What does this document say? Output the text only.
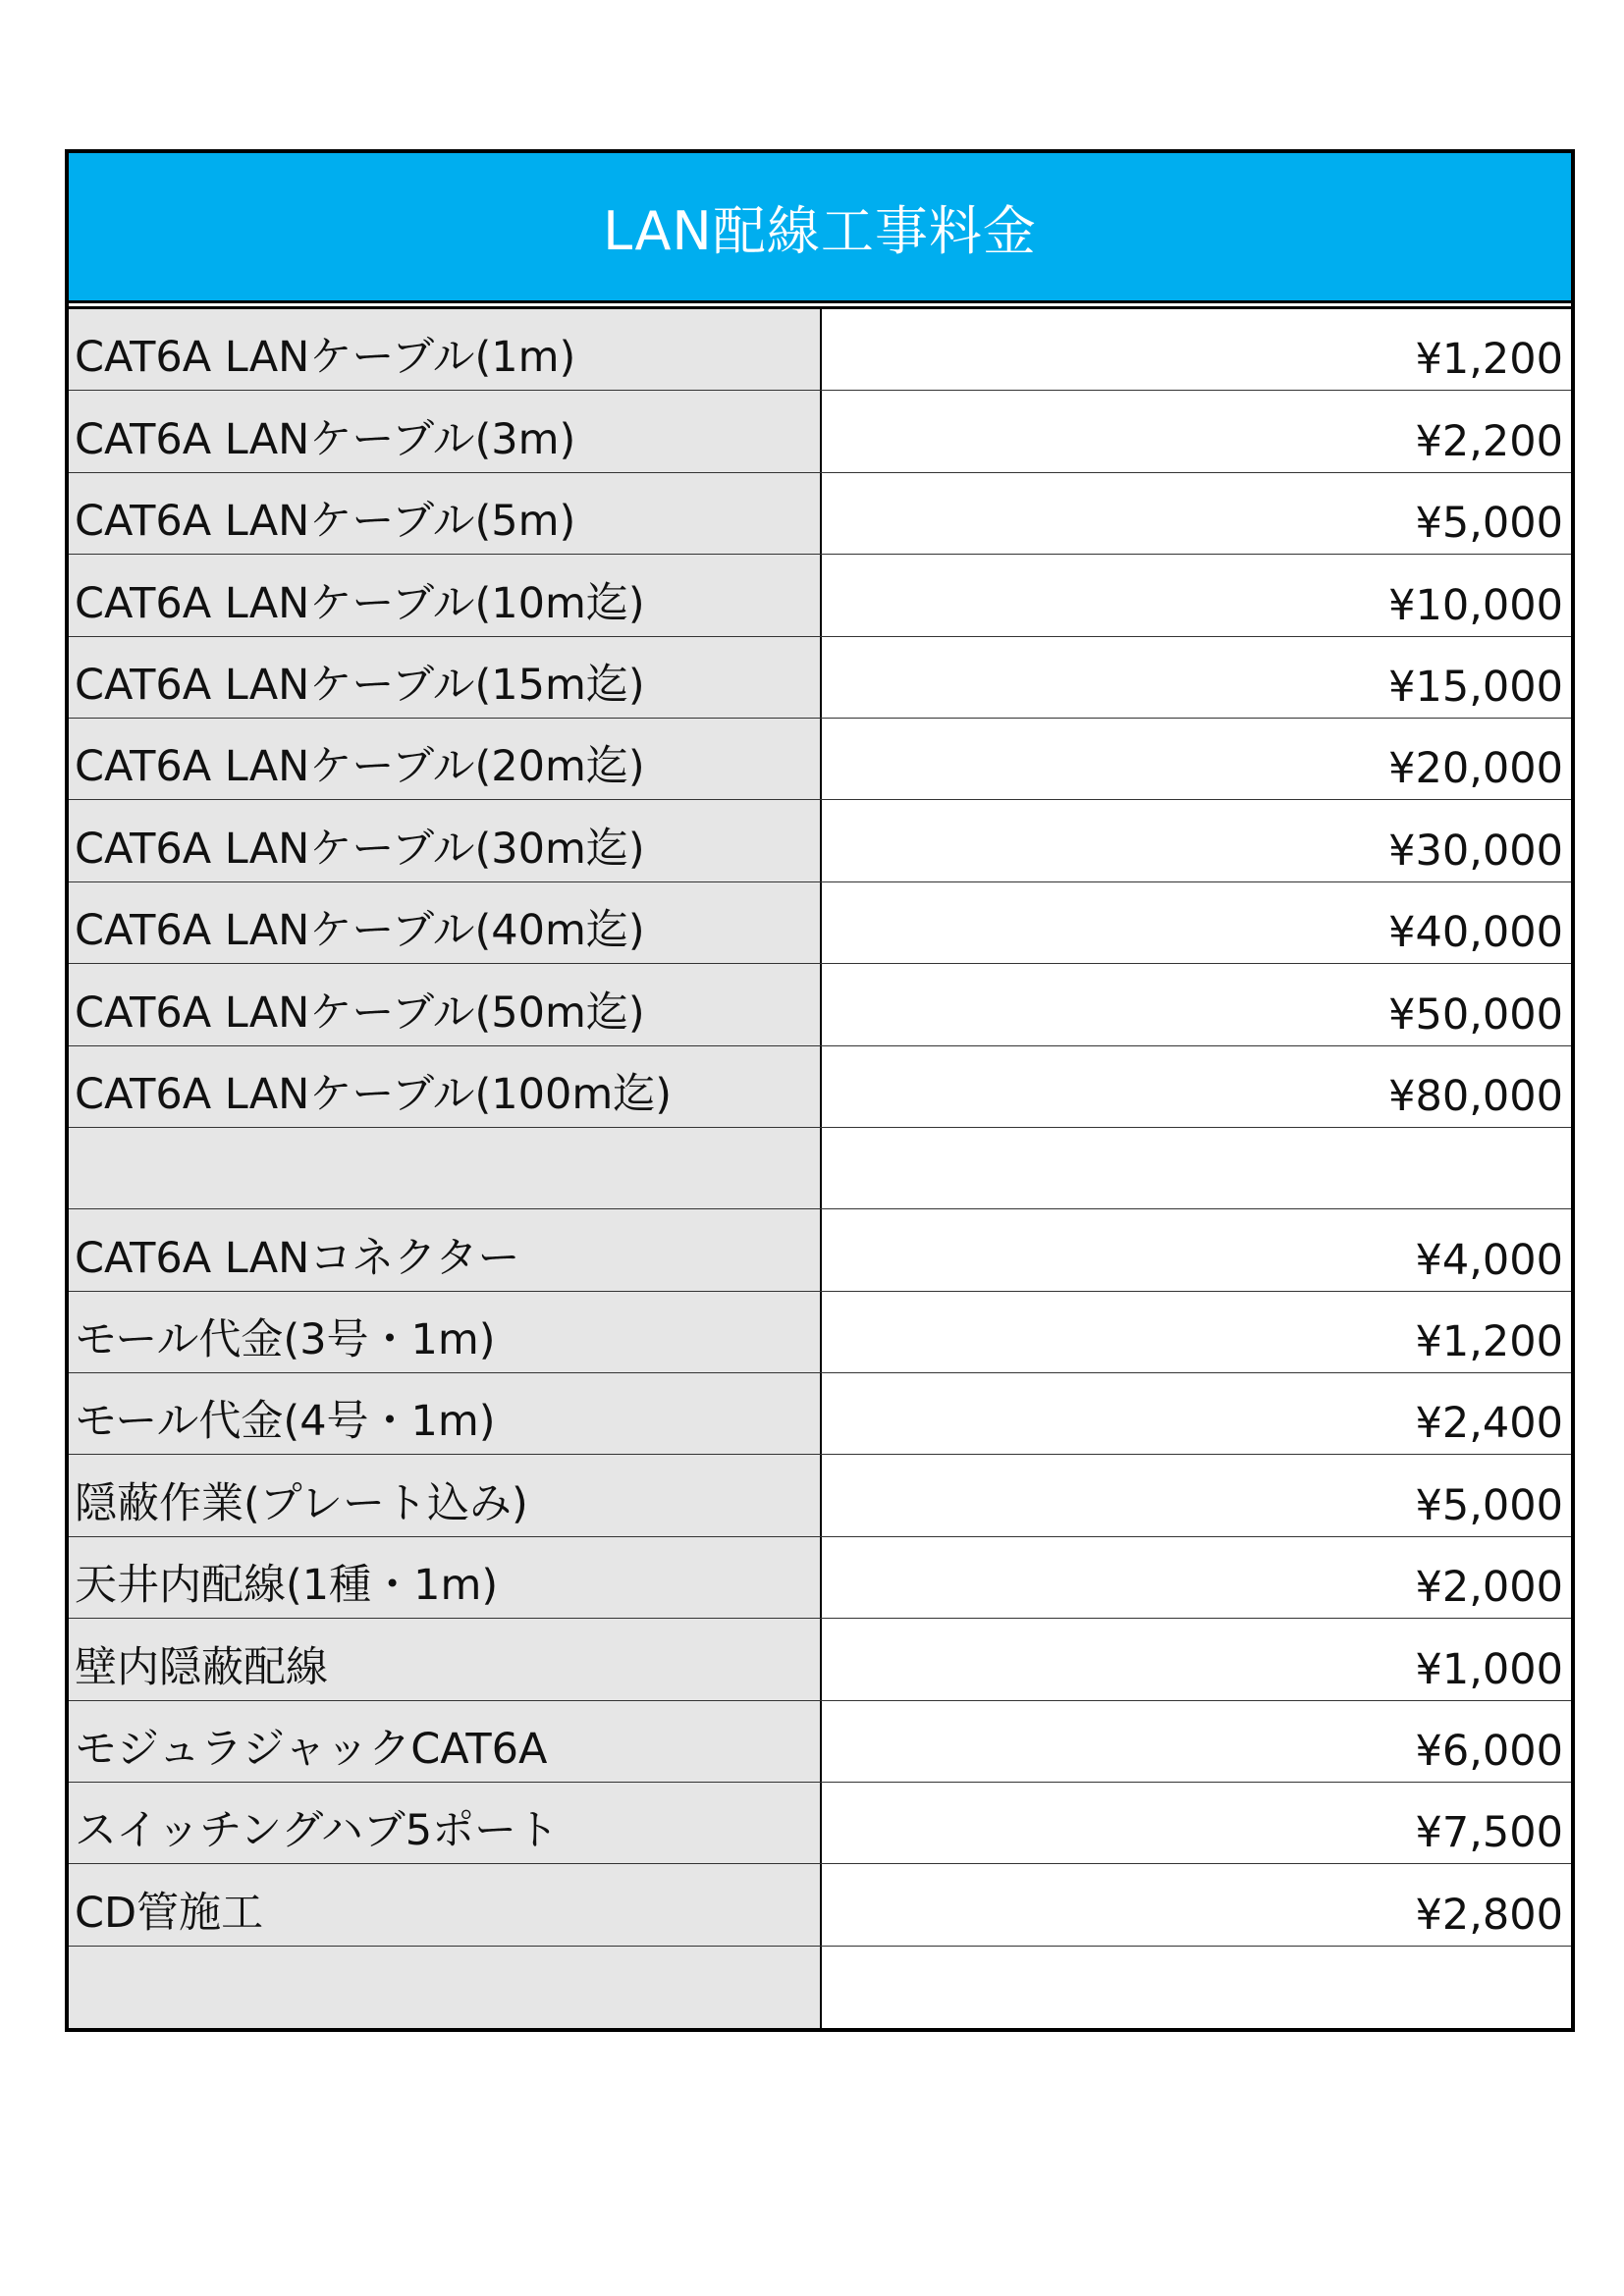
LAN配線工事料金
CAT6A LANケーブル(1m)	¥1,200
CAT6A LANケーブル(3m)	¥2,200
CAT6A LANケーブル(5m)	¥5,000
CAT6A LANケーブル(10m迄)	¥10,000
CAT6A LANケーブル(15m迄)	¥15,000
CAT6A LANケーブル(20m迄)	¥20,000
CAT6A LANケーブル(30m迄)	¥30,000
CAT6A LANケーブル(40m迄)	¥40,000
CAT6A LANケーブル(50m迄)	¥50,000
CAT6A LANケーブル(100m迄)	¥80,000
CAT6A LANコネクター	¥4,000
モール代金(3号・1m)	¥1,200
モール代金(4号・1m)	¥2,400
隠蔽作業(プレート込み)	¥5,000
天井内配線(1種・1m)	¥2,000
壁内隠蔽配線	¥1,000
モジュラジャックCAT6A	¥6,000
スイッチングハブ5ポート	¥7,500
CD管施工	¥2,800
